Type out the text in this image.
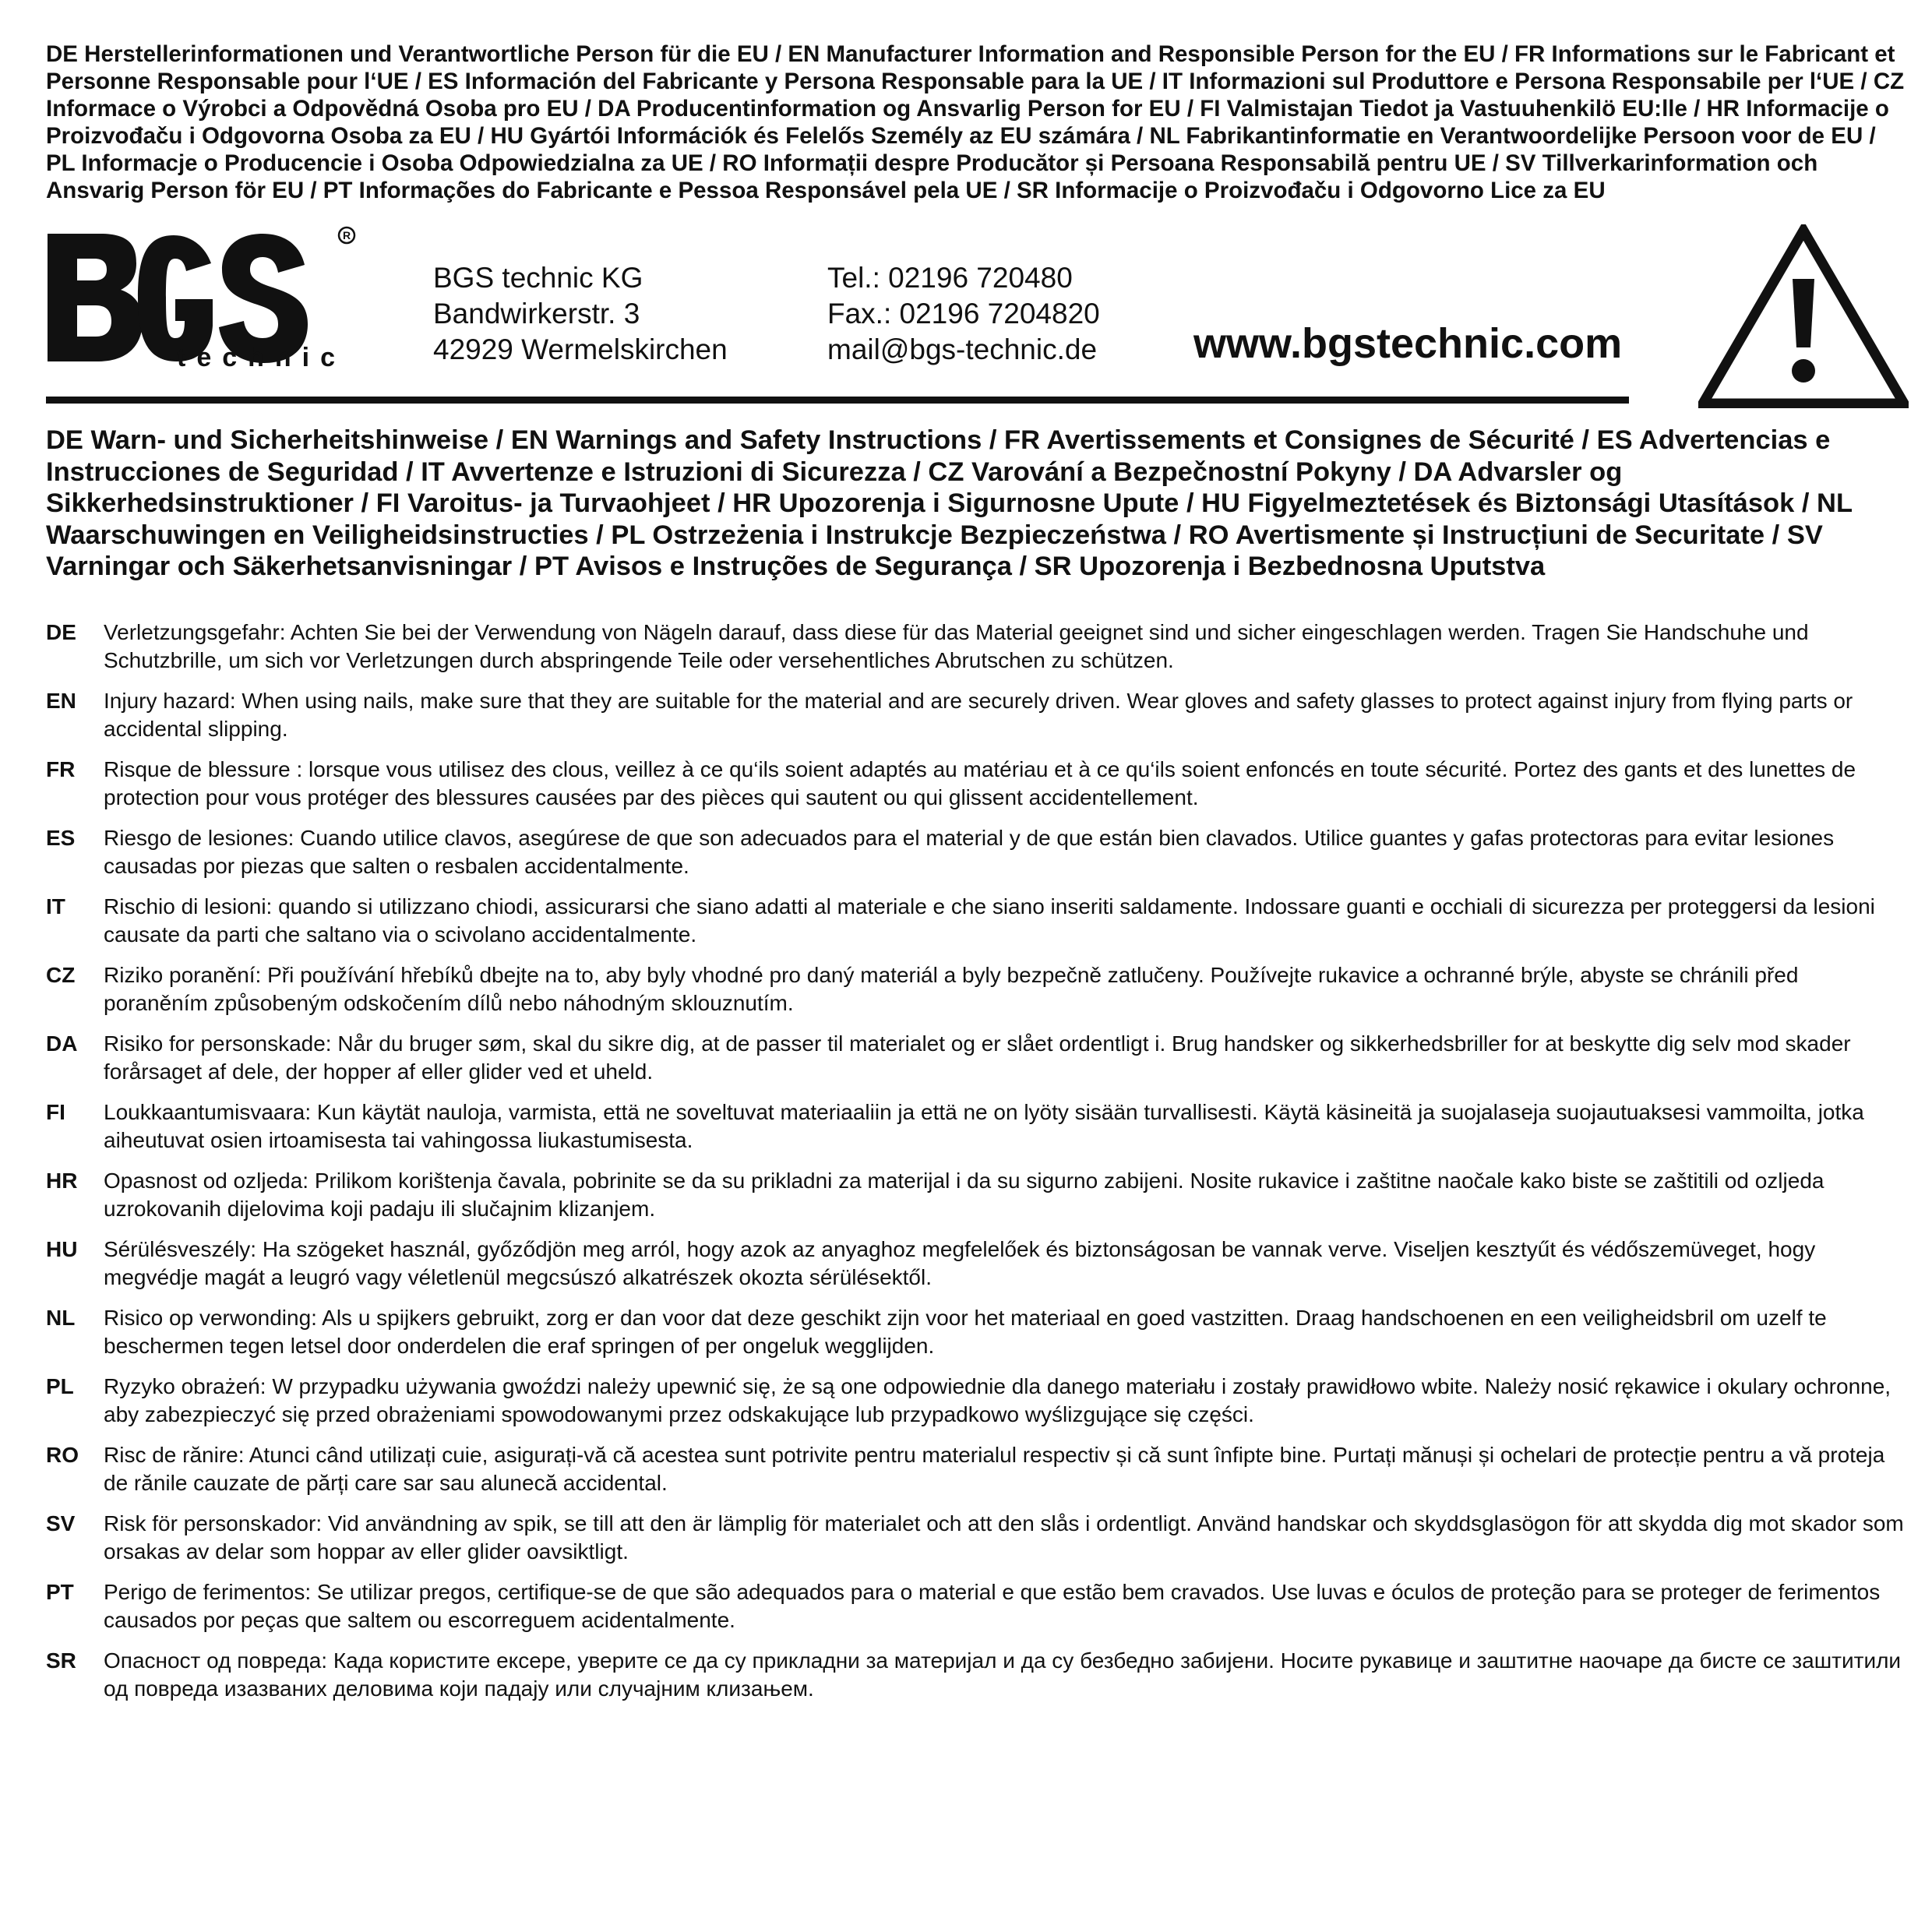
DE Herstellerinformationen und Verantwortliche Person für die EU / EN Manufacturer Information and Responsible Person for the EU / FR Informations sur le Fabricant et Personne Responsable pour l‘UE / ES Información del Fabricante y Persona Responsable para la UE / IT Informazioni sul Produttore e Persona Responsabile per l‘UE / CZ Informace o Výrobci a Odpovědná Osoba pro EU / DA Producentinformation og Ansvarlig Person for EU / FI Valmistajan Tiedot ja Vastuuhenkilö EU:lle / HR Informacije o Proizvođaču i Odgovorna Osoba za EU / HU Gyártói Információk és Felelős Személy az EU számára / NL Fabrikantinformatie en Verantwoordelijke Persoon voor de EU / PL Informacje o Producencie i Osoba Odpowiedzialna za UE / RO Informații despre Producător și Persoana Responsabilă pentru UE / SV Tillverkarinformation och Ansvarig Person för EU / PT Informações do Fabricante e Pessoa Responsável pela UE / SR Informacije o Proizvođaču i Odgovorno Lice za EU
R
technic
BGS technic KG
Bandwirkerstr. 3
42929 Wermelskirchen
Tel.: 02196 720480
Fax.: 02196 7204820
mail@bgs-technic.de www.bgstechnic.com
DE Warn- und Sicherheitshinweise / EN Warnings and Safety Instructions / FR Avertissements et Consignes de Sécurité / ES Advertencias e Instrucciones de Seguridad / IT Avvertenze e Istruzioni di Sicurezza / CZ Varování a Bezpečnostní Pokyny / DA Advarsler og Sikkerhedsinstruktioner / FI Varoitus- ja Turvaohjeet / HR Upozorenja i Sigurnosne Upute / HU Figyelmeztetések és Biztonsági Utasítások / NL Waarschuwingen en Veiligheidsinstructies / PL Ostrzeżenia i Instrukcje Bezpieczeństwa / RO Avertismente și Instrucțiuni de Securitate / SV Varningar och Säkerhetsanvisningar / PT Avisos e Instruções de Segurança / SR Upozorenja i Bezbednosna Uputstva
DE	Verletzungsgefahr: Achten Sie bei der Verwendung von Nägeln darauf, dass diese für das Material geeignet sind und sicher eingeschlagen werden. Tragen Sie Handschuhe und Schutzbrille, um sich vor Verletzungen durch abspringende Teile oder versehentliches Abrutschen zu schützen.
EN	Injury hazard: When using nails, make sure that they are suitable for the material and are securely driven. Wear gloves and safety glasses to protect against injury from flying parts or accidental slipping.
FR	Risque de blessure : lorsque vous utilisez des clous, veillez à ce qu‘ils soient adaptés au matériau et à ce qu‘ils soient enfoncés en toute sécurité. Portez des gants et des lunettes de protection pour vous protéger des blessures causées par des pièces qui sautent ou qui glissent accidentellement.
ES	Riesgo de lesiones: Cuando utilice clavos, asegúrese de que son adecuados para el material y de que están bien clavados. Utilice guantes y gafas protectoras para evitar lesiones causadas por piezas que salten o resbalen accidentalmente.
IT	Rischio di lesioni: quando si utilizzano chiodi, assicurarsi che siano adatti al materiale e che siano inseriti saldamente. Indossare guanti e occhiali di sicurezza per proteggersi da lesioni causate da parti che saltano via o scivolano accidentalmente.
CZ	Riziko poranění: Při používání hřebíků dbejte na to, aby byly vhodné pro daný materiál a byly bezpečně zatlučeny. Používejte rukavice a ochranné brýle, abyste se chránili před poraněním způsobeným odskočením dílů nebo náhodným sklouznutím.
DA	Risiko for personskade: Når du bruger søm, skal du sikre dig, at de passer til materialet og er slået ordentligt i. Brug handsker og sikkerhedsbriller for at beskytte dig selv mod skader forårsaget af dele, der hopper af eller glider ved et uheld.
FI	Loukkaantumisvaara: Kun käytät nauloja, varmista, että ne soveltuvat materiaaliin ja että ne on lyöty sisään turvallisesti. Käytä käsineitä ja suojalaseja suojautuaksesi vammoilta, jotka aiheutuvat osien irtoamisesta tai vahingossa liukastumisesta.
HR	Opasnost od ozljeda: Prilikom korištenja čavala, pobrinite se da su prikladni za materijal i da su sigurno zabijeni. Nosite rukavice i zaštitne naočale kako biste se zaštitili od ozljeda uzrokovanih dijelovima koji padaju ili slučajnim klizanjem.
HU	Sérülésveszély: Ha szögeket használ, győződjön meg arról, hogy azok az anyaghoz megfelelőek és biztonságosan be vannak verve. Viseljen kesztyűt és védőszemüveget, hogy megvédje magát a leugró vagy véletlenül megcsúszó alkatrészek okozta sérülésektől.
NL	Risico op verwonding: Als u spijkers gebruikt, zorg er dan voor dat deze geschikt zijn voor het materiaal en goed vastzitten. Draag handschoenen en een veiligheidsbril om uzelf te beschermen tegen letsel door onderdelen die eraf springen of per ongeluk wegglijden.
PL	Ryzyko obrażeń: W przypadku używania gwoździ należy upewnić się, że są one odpowiednie dla danego materiału i zostały prawidłowo wbite. Należy nosić rękawice i okulary ochronne, aby zabezpieczyć się przed obrażeniami spowodowanymi przez odskakujące lub przypadkowo wyślizgujące się części.
RO	Risc de rănire: Atunci când utilizați cuie, asigurați-vă că acestea sunt potrivite pentru materialul respectiv și că sunt înfipte bine. Purtați mănuși și ochelari de protecție pentru a vă proteja de rănile cauzate de părți care sar sau alunecă accidental.
SV	Risk för personskador: Vid användning av spik, se till att den är lämplig för materialet och att den slås i ordentligt. Använd handskar och skyddsglasögon för att skydda dig mot skador som orsakas av delar som hoppar av eller glider oavsiktligt.
PT	Perigo de ferimentos: Se utilizar pregos, certifique-se de que são adequados para o material e que estão bem cravados. Use luvas e óculos de proteção para se proteger de ferimentos causados por peças que saltem ou escorreguem acidentalmente.
SR	Опасност од повреда: Када користите ексере, уверите се да су прикладни за материјал и да су безбедно забијени. Носите рукавице и заштитне наочаре да бисте се заштитили од повреда изазваних деловима који падају или случајним клизањем.
